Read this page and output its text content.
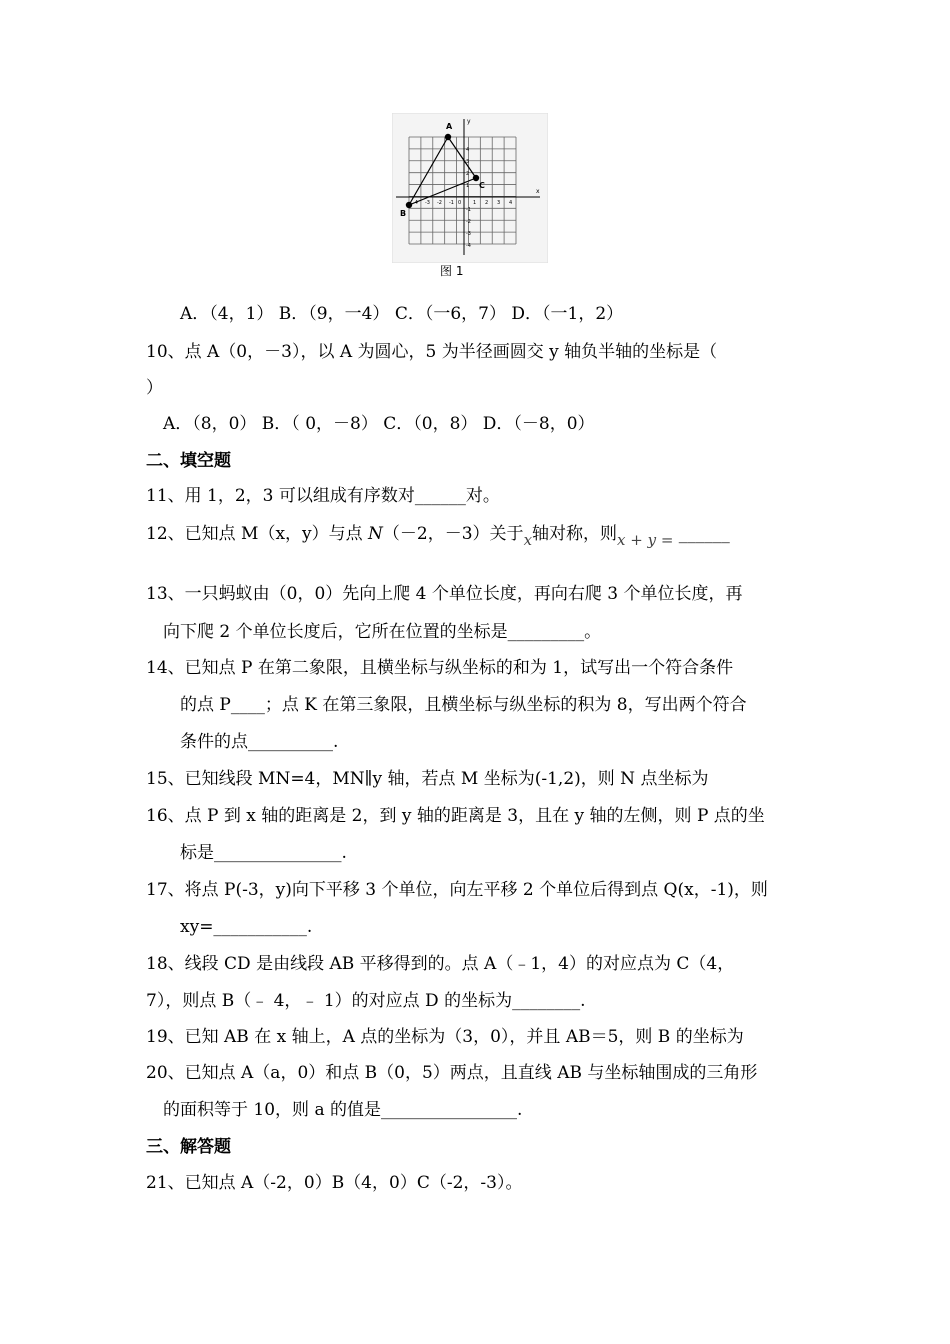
A
B
C
x
y
0
-4 -3 -2 -1	1 2 3 4
4
3
2
1
-1
-2
-3
-4
图 1
A．（4，1） B．（9，一4） C．（一6，7） D．（一1，2）
10、点 A（0，－3），以 A 为圆心，5 为半径画圆交 y 轴负半轴的坐标是（
）
A．（8，0） B．（ 0，－8） C．（0，8） D．（－8，0）
二、填空题
11、用 1，2，3 可以组成有序数对______对。
12、已知点 M（x，y）与点 N（－2，－3）关于x轴对称，则x + y = ______
13、一只蚂蚁由（0，0）先向上爬 4 个单位长度，再向右爬 3 个单位长度，再
向下爬 2 个单位长度后，它所在位置的坐标是_________。
14、已知点 P 在第二象限，且横坐标与纵坐标的和为 1，试写出一个符合条件
的点 P____；点 K 在第三象限，且横坐标与纵坐标的积为 8，写出两个符合
条件的点__________.
15、已知线段 MN=4，MN∥y 轴，若点 M 坐标为(-1,2)，则 N 点坐标为
16、点 P 到 x 轴的距离是 2，到 y 轴的距离是 3，且在 y 轴的左侧，则 P 点的坐
标是_______________.
17、将点 P(-3，y)向下平移 3 个单位，向左平移 2 个单位后得到点 Q(x，-1)，则
xy=___________.
18、线段 CD 是由线段 AB 平移得到的。点 A（﹣1，4）的对应点为 C（4，
7），则点 B（﹣ 4，﹣ 1）的对应点 D 的坐标为________.
19、已知 AB 在 x 轴上，A 点的坐标为（3，0），并且 AB＝5，则 B 的坐标为
20、已知点 A（a，0）和点 B（0，5）两点，且直线 AB 与坐标轴围成的三角形
的面积等于 10，则 a 的值是________________.
三、解答题
21、已知点 A（-2，0）B（4，0）C（-2，-3）。
